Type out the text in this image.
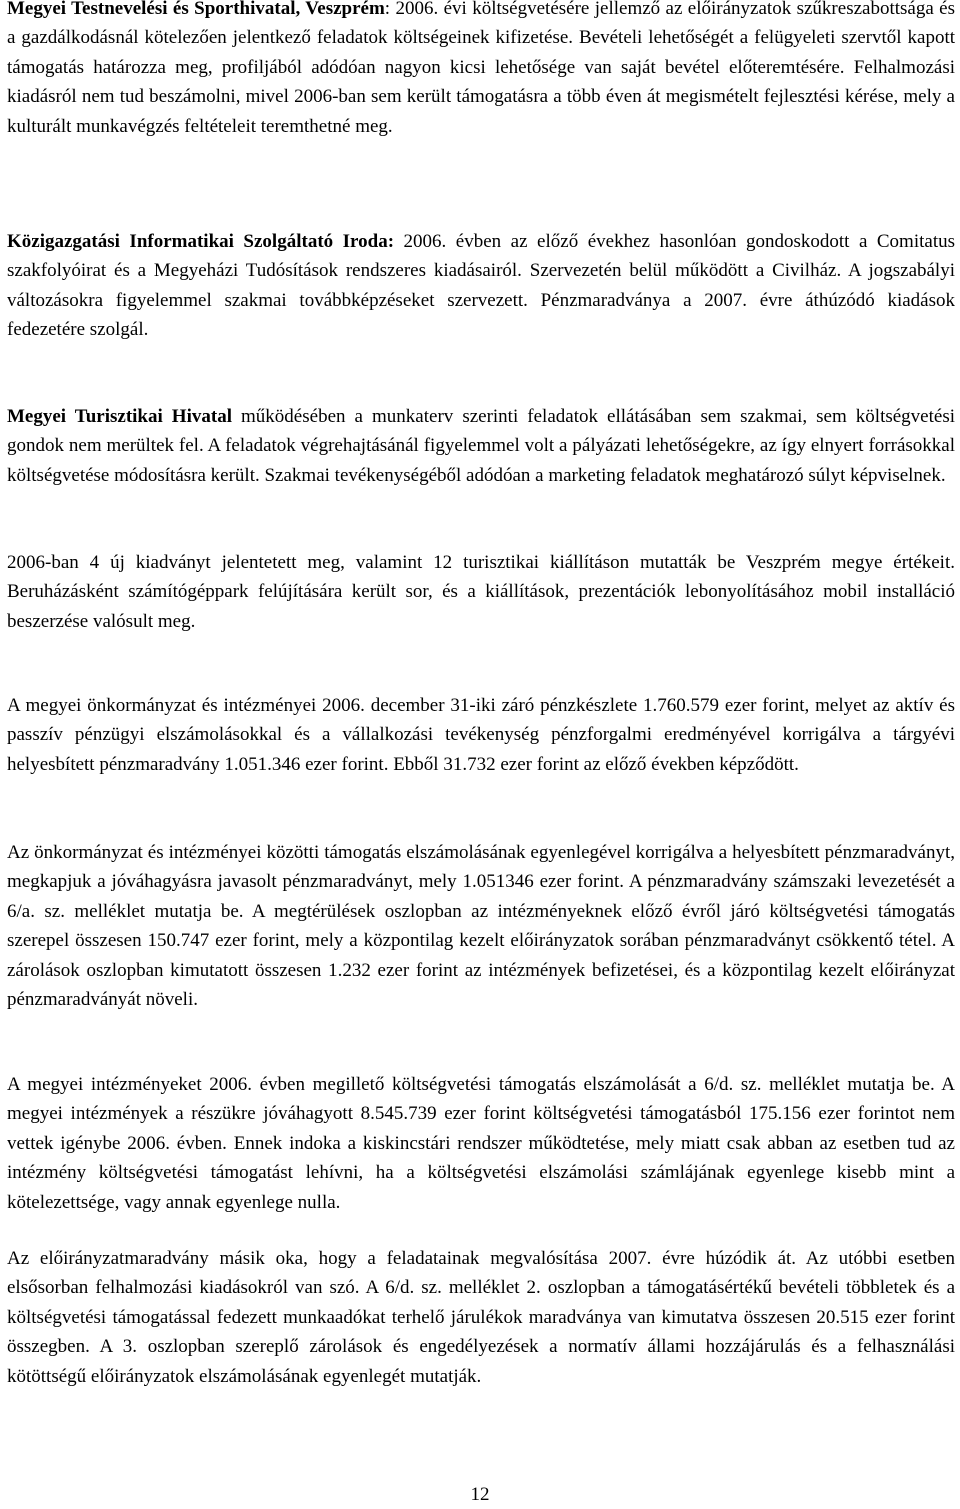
Megyei Testnevelési és Sporthivatal, Veszprém: 2006. évi költségvetésére jellemző az előirányzatok szűkreszabottsága és a gazdálkodásnál kötelezően jelentkező feladatok költségeinek kifizetése. Bevételi lehetőségét a felügyeleti szervtől kapott támogatás határozza meg, profiljából adódóan nagyon kicsi lehetősége van saját bevétel előteremtésére. Felhalmozási kiadásról nem tud beszámolni, mivel 2006-ban sem került támogatásra a több éven át megismételt fejlesztési kérése, mely a kulturált munkavégzés feltételeit teremthetné meg.

Közigazgatási Informatikai Szolgáltató Iroda: 2006. évben az előző évekhez hasonlóan gondoskodott a Comitatus szakfolyóirat és a Megyeházi Tudósítások rendszeres kiadásairól. Szervezetén belül működött a Civilház. A jogszabályi változásokra figyelemmel szakmai továbbképzéseket szervezett. Pénzmaradványa a 2007. évre áthúzódó kiadások fedezetére szolgál.

Megyei Turisztikai Hivatal működésében a munkaterv szerinti feladatok ellátásában sem szakmai, sem költségvetési gondok nem merültek fel. A feladatok végrehajtásánál figyelemmel volt a pályázati lehetőségekre, az így elnyert forrásokkal költségvetése módosításra került. Szakmai tevékenységéből adódóan a marketing feladatok meghatározó súlyt képviselnek.

2006-ban 4 új kiadványt jelentetett meg, valamint 12 turisztikai kiállításon mutatták be Veszprém megye értékeit. Beruházásként számítógéppark felújítására került sor, és a kiállítások, prezentációk lebonyolításához mobil installáció beszerzése valósult meg.

A megyei önkormányzat és intézményei 2006. december 31-iki záró pénzkészlete 1.760.579 ezer forint, melyet az aktív és passzív pénzügyi elszámolásokkal és a vállalkozási tevékenység pénzforgalmi eredményével korrigálva a tárgyévi helyesbített pénzmaradvány 1.051.346 ezer forint. Ebből 31.732 ezer forint az előző években képződött.

Az önkormányzat és intézményei közötti támogatás elszámolásának egyenlegével korrigálva a helyesbített pénzmaradványt, megkapjuk a jóváhagyásra javasolt pénzmaradványt, mely 1.051346 ezer forint. A pénzmaradvány számszaki levezetését a 6/a. sz. melléklet mutatja be. A megtérülések oszlopban az intézményeknek előző évről járó költségvetési támogatás szerepel összesen 150.747 ezer forint, mely a központilag kezelt előirányzatok sorában pénzmaradványt csökkentő tétel. A zárolások oszlopban kimutatott összesen 1.232 ezer forint az intézmények befizetései, és a központilag kezelt előirányzat pénzmaradványát növeli.

A megyei intézményeket 2006. évben megillető költségvetési támogatás elszámolását a 6/d. sz. melléklet mutatja be. A megyei intézmények a részükre jóváhagyott 8.545.739 ezer forint költségvetési támogatásból 175.156 ezer forintot nem vettek igénybe 2006. évben. Ennek indoka a kiskincstári rendszer működtetése, mely miatt csak abban az esetben tud az intézmény költségvetési támogatást lehívni, ha a költségvetési elszámolási számlájának egyenlege kisebb mint a kötelezettsége, vagy annak egyenlege nulla.

Az előirányzatmaradvány másik oka, hogy a feladatainak megvalósítása 2007. évre húzódik át. Az utóbbi esetben elsősorban felhalmozási kiadásokról van szó. A 6/d. sz. melléklet 2. oszlopban a támogatásértékű bevételi többletek és a költségvetési támogatással fedezett munkaadókat terhelő járulékok maradványa van kimutatva összesen 20.515 ezer forint összegben. A 3. oszlopban szereplő zárolások és engedélyezések a normatív állami hozzájárulás és a felhasználási kötöttségű előirányzatok elszámolásának egyenlegét mutatják.

12
